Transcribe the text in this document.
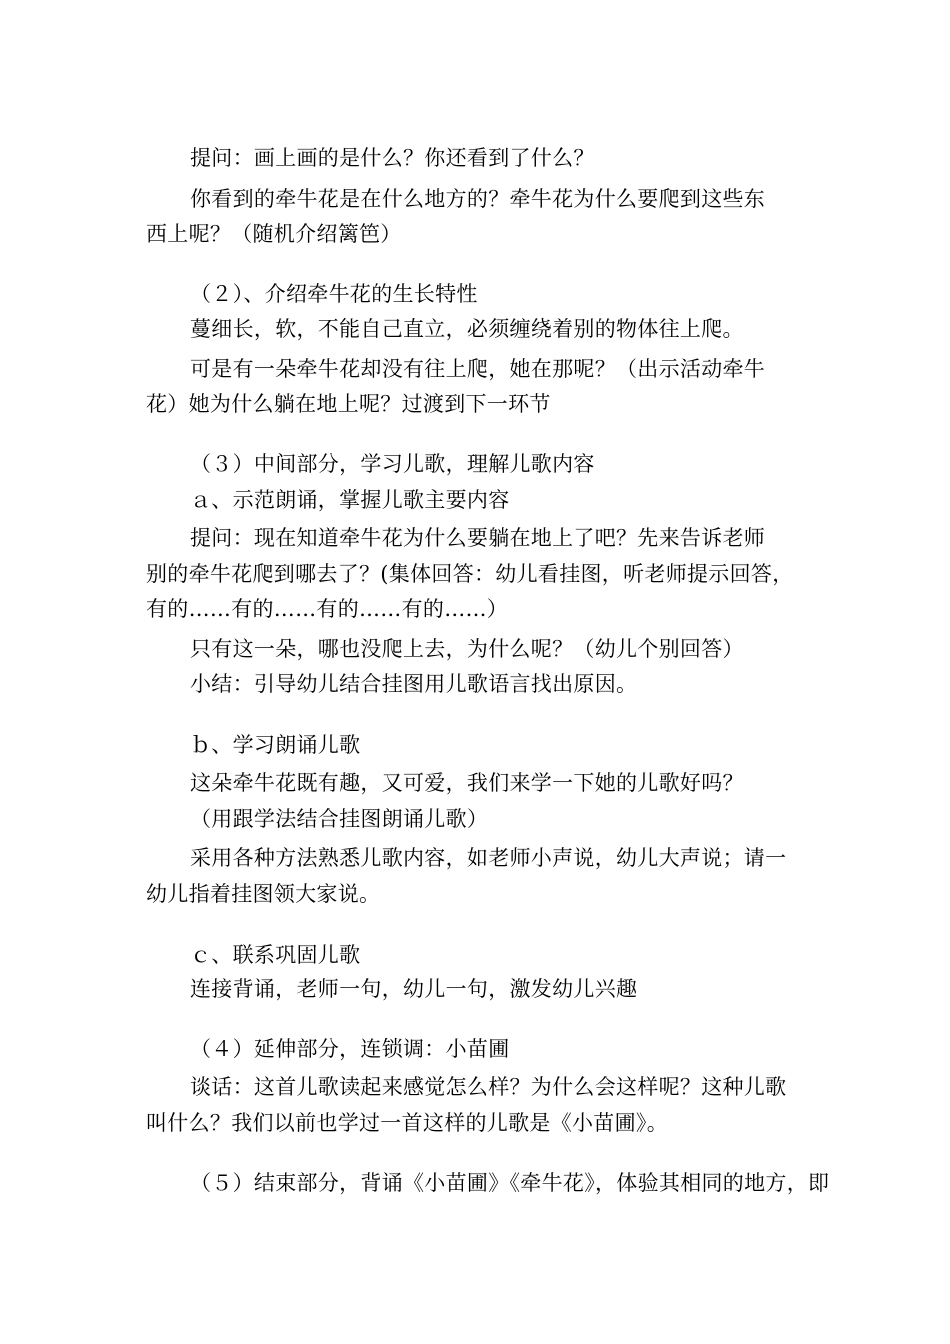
提问：画上画的是什么？你还看到了什么？
你看到的牵牛花是在什么地方的？牵牛花为什么要爬到这些东
西上呢？（随机介绍篱笆）
（２）、介绍牵牛花的生长特性
蔓细长，软，不能自己直立，必须缠绕着别的物体往上爬。
可是有一朵牵牛花却没有往上爬，她在那呢？（出示活动牵牛
花）她为什么躺在地上呢？过渡到下一环节
（３）中间部分，学习儿歌，理解儿歌内容
ａ、示范朗诵，掌握儿歌主要内容
提问：现在知道牵牛花为什么要躺在地上了吧？先来告诉老师
别的牵牛花爬到哪去了？(集体回答：幼儿看挂图，听老师提示回答，
有的……有的……有的……有的……）
只有这一朵，哪也没爬上去，为什么呢？（幼儿个别回答）
小结：引导幼儿结合挂图用儿歌语言找出原因。
ｂ、学习朗诵儿歌
这朵牵牛花既有趣，又可爱，我们来学一下她的儿歌好吗？
（用跟学法结合挂图朗诵儿歌）
采用各种方法熟悉儿歌内容，如老师小声说，幼儿大声说；请一
幼儿指着挂图领大家说。
ｃ、联系巩固儿歌
连接背诵，老师一句，幼儿一句，激发幼儿兴趣
（４）延伸部分，连锁调：小苗圃
谈话：这首儿歌读起来感觉怎么样？为什么会这样呢？这种儿歌
叫什么？我们以前也学过一首这样的儿歌是《小苗圃》。
（５）结束部分，背诵《小苗圃》《牵牛花》，体验其相同的地方，即
